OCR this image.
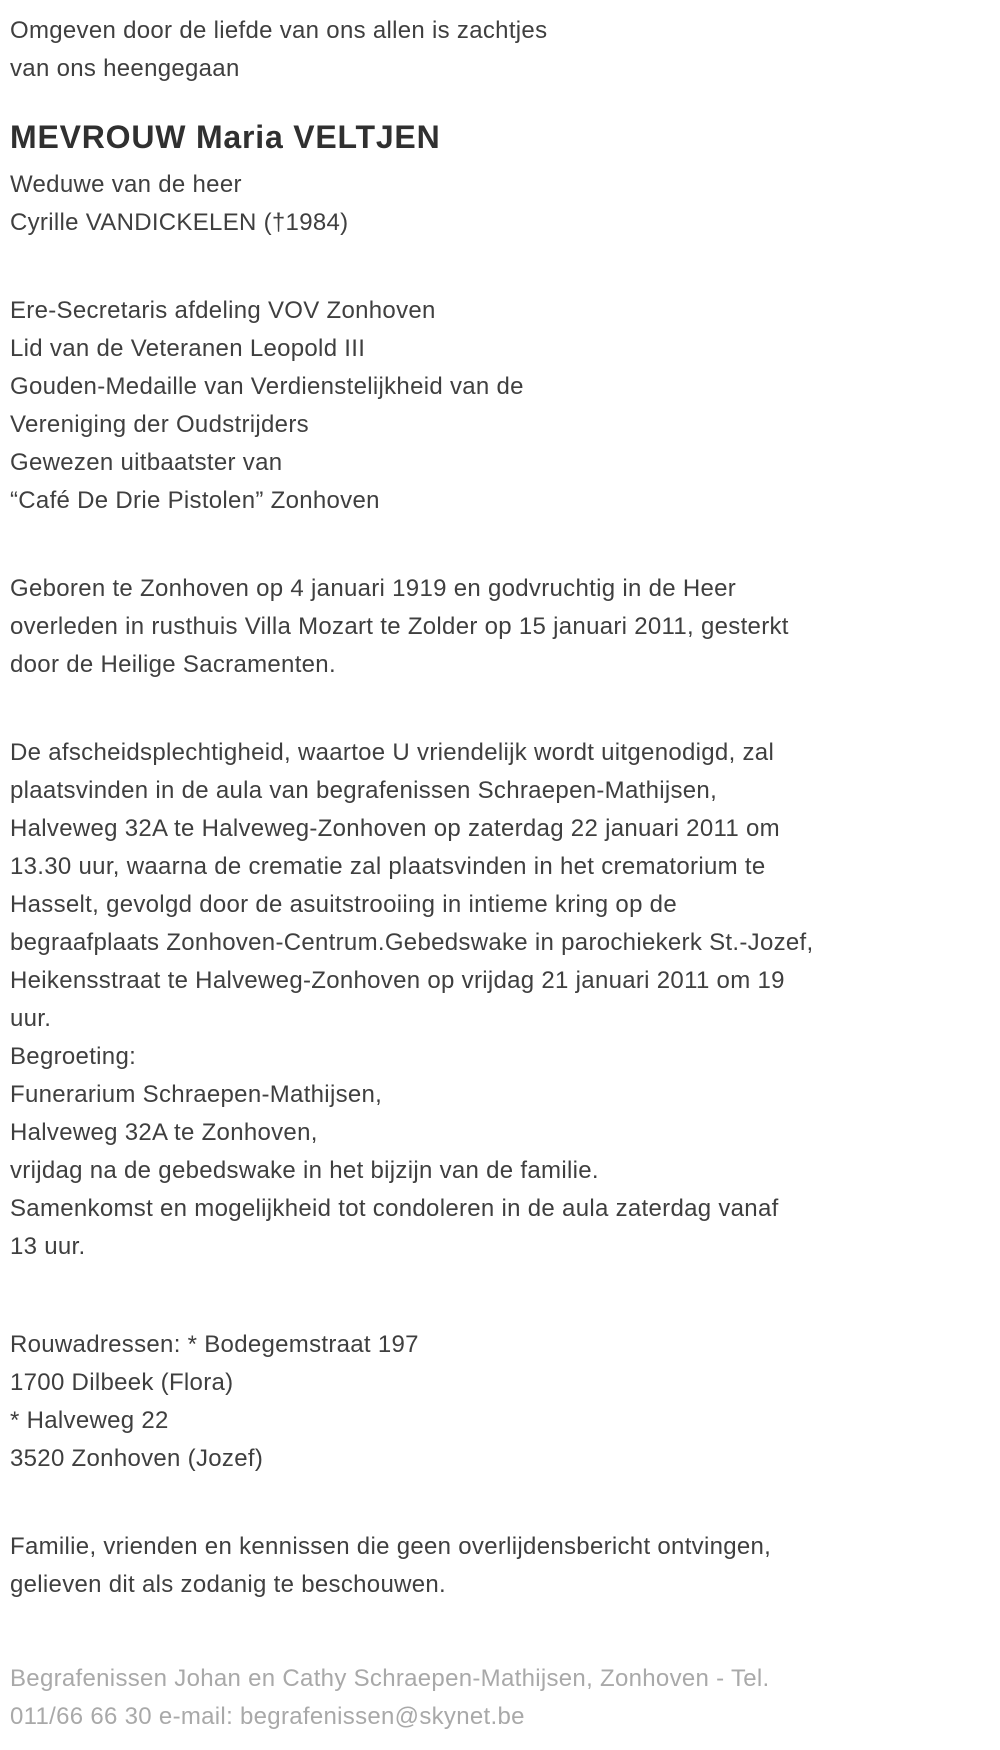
Omgeven door de liefde van ons allen is zachtjes
van ons heengegaan
MEVROUW Maria VELTJEN
Weduwe van de heer
Cyrille VANDICKELEN (†1984)
Ere-Secretaris afdeling VOV Zonhoven
Lid van de Veteranen Leopold III
Gouden-Medaille van Verdienstelijkheid van de
Vereniging der Oudstrijders
Gewezen uitbaatster van
“Café De Drie Pistolen” Zonhoven
Geboren te Zonhoven op 4 januari 1919 en godvruchtig in de Heer
overleden in rusthuis Villa Mozart te Zolder op 15 januari 2011, gesterkt
door de Heilige Sacramenten.
De afscheidsplechtigheid, waartoe U vriendelijk wordt uitgenodigd, zal
plaatsvinden in de aula van begrafenissen Schraepen-Mathijsen,
Halveweg 32A te Halveweg-Zonhoven op zaterdag 22 januari 2011 om
13.30 uur, waarna de crematie zal plaatsvinden in het crematorium te
Hasselt, gevolgd door de asuitstrooiing in intieme kring op de
begraafplaats Zonhoven-Centrum.Gebedswake in parochiekerk St.-Jozef,
Heikensstraat te Halveweg-Zonhoven op vrijdag 21 januari 2011 om 19
uur.
Begroeting:
Funerarium Schraepen-Mathijsen,
Halveweg 32A te Zonhoven,
vrijdag na de gebedswake in het bijzijn van de familie.
Samenkomst en mogelijkheid tot condoleren in de aula zaterdag vanaf
13 uur.
Rouwadressen: * Bodegemstraat 197
1700 Dilbeek (Flora)
* Halveweg 22
3520 Zonhoven (Jozef)
Familie, vrienden en kennissen die geen overlijdensbericht ontvingen,
gelieven dit als zodanig te beschouwen.
Begrafenissen Johan en Cathy Schraepen-Mathijsen, Zonhoven - Tel.
011/66 66 30 e-mail: begrafenissen@skynet.be
